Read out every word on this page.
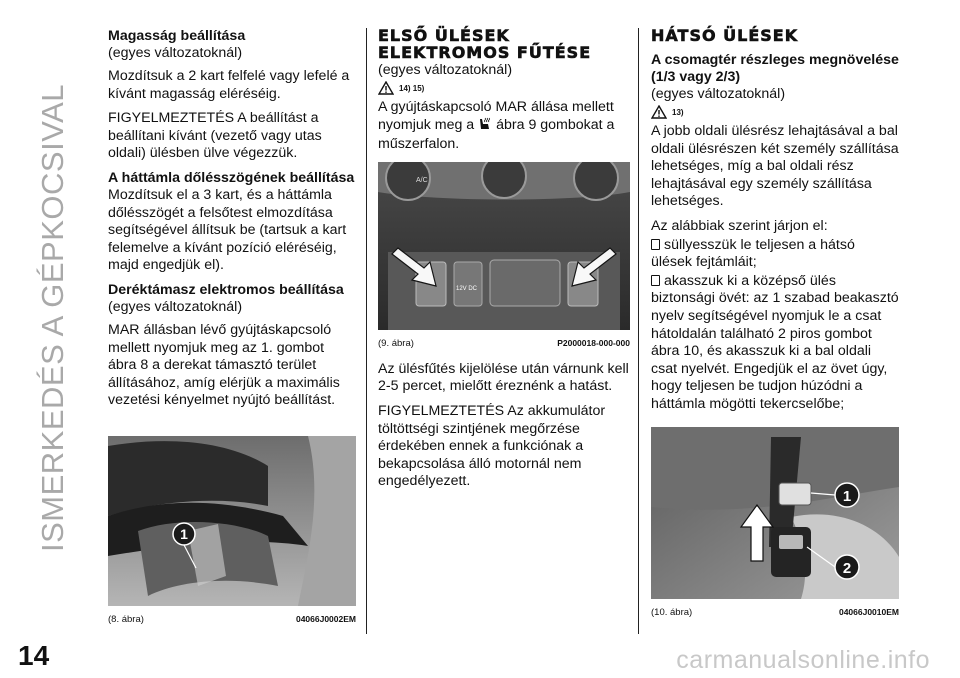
ISMERKEDÉS A GÉPKOCSIVAL

Magasság beállítása

(egyes változatoknál)

Mozdítsuk a 2 kart felfelé vagy lefelé a kívánt magasság eléréséig.

FIGYELMEZTETÉS A beállítást a beállítani kívánt (vezető vagy utas oldali) ülésben ülve végezzük.

A háttámla dőlésszögének beállítása

Mozdítsuk el a 3 kart, és a háttámla dőlésszögét a felsőtest elmozdítása segítségével állítsuk be (tartsuk a kart felemelve a kívánt pozíció eléréséig, majd engedjük el).

Deréktámasz elektromos beállítása

(egyes változatoknál)

MAR állásban lévő gyújtáskapcsoló mellett nyomjuk meg az 1. gombot ábra 8 a derekat támasztó terület állításához, amíg elérjük a maximális vezetési kényelmet nyújtó beállítást.

1
(8. ábra)	04066J0002EM

ELSŐ ÜLÉSEK

ELEKTROMOS FŰTÉSE

(egyes változatoknál)

14) 15)

A gyújtáskapcsoló MAR állása mellett nyomjuk meg a ábra 9 gombokat a műszerfalon.

A/C
12V DC
(9. ábra)	P2000018-000-000

Az ülésfűtés kijelölése után várnunk kell 2-5 percet, mielőtt éreznénk a hatást.

FIGYELMEZTETÉS Az akkumulátor töltöttségi szintjének megőrzése érdekében ennek a funkciónak a bekapcsolása álló motornál nem engedélyezett.

HÁTSÓ ÜLÉSEK

A csomagtér részleges megnövelése (1/3 vagy 2/3)

(egyes változatoknál)

13)

A jobb oldali ülésrész lehajtásával a bal oldali ülésrészen két személy szállítása lehetséges, míg a bal oldali rész lehajtásával egy személy szállítása lehetséges.

Az alábbiak szerint járjon el:

süllyesszük le teljesen a hátsó ülések fejtámláit;

akasszuk ki a középső ülés biztonsági övét: az 1 szabad beakasztó nyelv segítségével nyomjuk le a csat hátoldalán található 2 piros gombot ábra 10, és akasszuk ki a bal oldali csat nyelvét. Engedjük el az övet úgy, hogy teljesen be tudjon húzódni a háttámla mögötti tekercselőbe;

1
2
(10. ábra)	04066J0010EM
14	carmanualsonline.info
